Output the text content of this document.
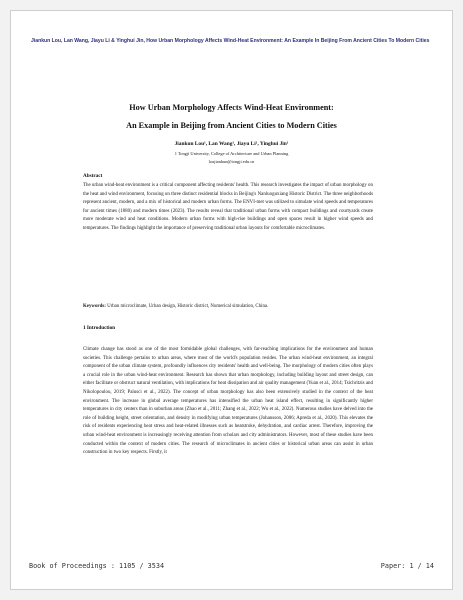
Jiankun Lou, Lan Wang, Jiayu Li & Yinghui Jin, How Urban Morphology Affects Wind-Heat Environment: An Example In Beijing From Ancient Cities To Modern Cities
How Urban Morphology Affects Wind-Heat Environment:
An Example in Beijing from Ancient Cities to Modern Cities
Jiankun Lou¹, Lan Wang¹, Jiayu Li¹, Yinghui Jin¹
1 Tongji University, College of Architecture and Urban Planning
loujiankun@tongji.edu.cn
Abstract
The urban wind-heat environment is a critical component affecting residents' health. This research investigates the impact of urban morphology on the heat and wind environment, focusing on three distinct residential blocks in Beijing's Nanluoguxiang Historic District. The three neighborhoods represent ancient, modern, and a mix of historical and modern urban forms. The ENVI-met was utilized to simulate wind speeds and temperatures for ancient times (1880) and modern times (2023). The results reveal that traditional urban forms with compact buildings and courtyards create more moderate wind and heat conditions. Modern urban forms with high-rise buildings and open spaces result in higher wind speeds and temperatures. The findings highlight the importance of preserving traditional urban layouts for comfortable microclimates.
Keywords: Urban microclimate, Urban design, Historic district, Numerical simulation, China.
1 Introduction
Climate change has stood as one of the most formidable global challenges, with far-reaching implications for the environment and human societies. This challenge pertains to urban areas, where most of the world's population resides. The urban wind-heat environment, an integral component of the urban climate system, profoundly influences city residents' health and well-being. The morphology of modern cities often plays a crucial role in the urban wind-heat environment. Research has shown that urban morphology, including building layout and street design, can either facilitate or obstruct natural ventilation, with implications for heat dissipation and air quality management (Yuan et al., 2014; Tsichritzis and Nikolopoulou, 2019; Palusci et al., 2022). The concept of urban morphology has also been extensively studied in the context of the heat environment. The increase in global average temperatures has intensified the urban heat island effect, resulting in significantly higher temperatures in city centers than in suburban areas (Zhao et al., 2011; Zhang et al., 2022; Wu et al., 2022). Numerous studies have delved into the role of building height, street orientation, and density in modifying urban temperatures (Johansson, 2006; Apreda et al., 2020). This elevates the risk of residents experiencing heat stress and heat-related illnesses such as heatstroke, dehydration, and cardiac arrest. Therefore, improving the urban wind-heat environment is increasingly receiving attention from scholars and city administrators. However, most of these studies have been conducted within the context of modern cities. The research of microclimates in ancient cities or historical urban areas can assist in urban construction in two key respects. Firstly, it
Book of Proceedings : 1105 / 3534	Paper: 1 / 14
